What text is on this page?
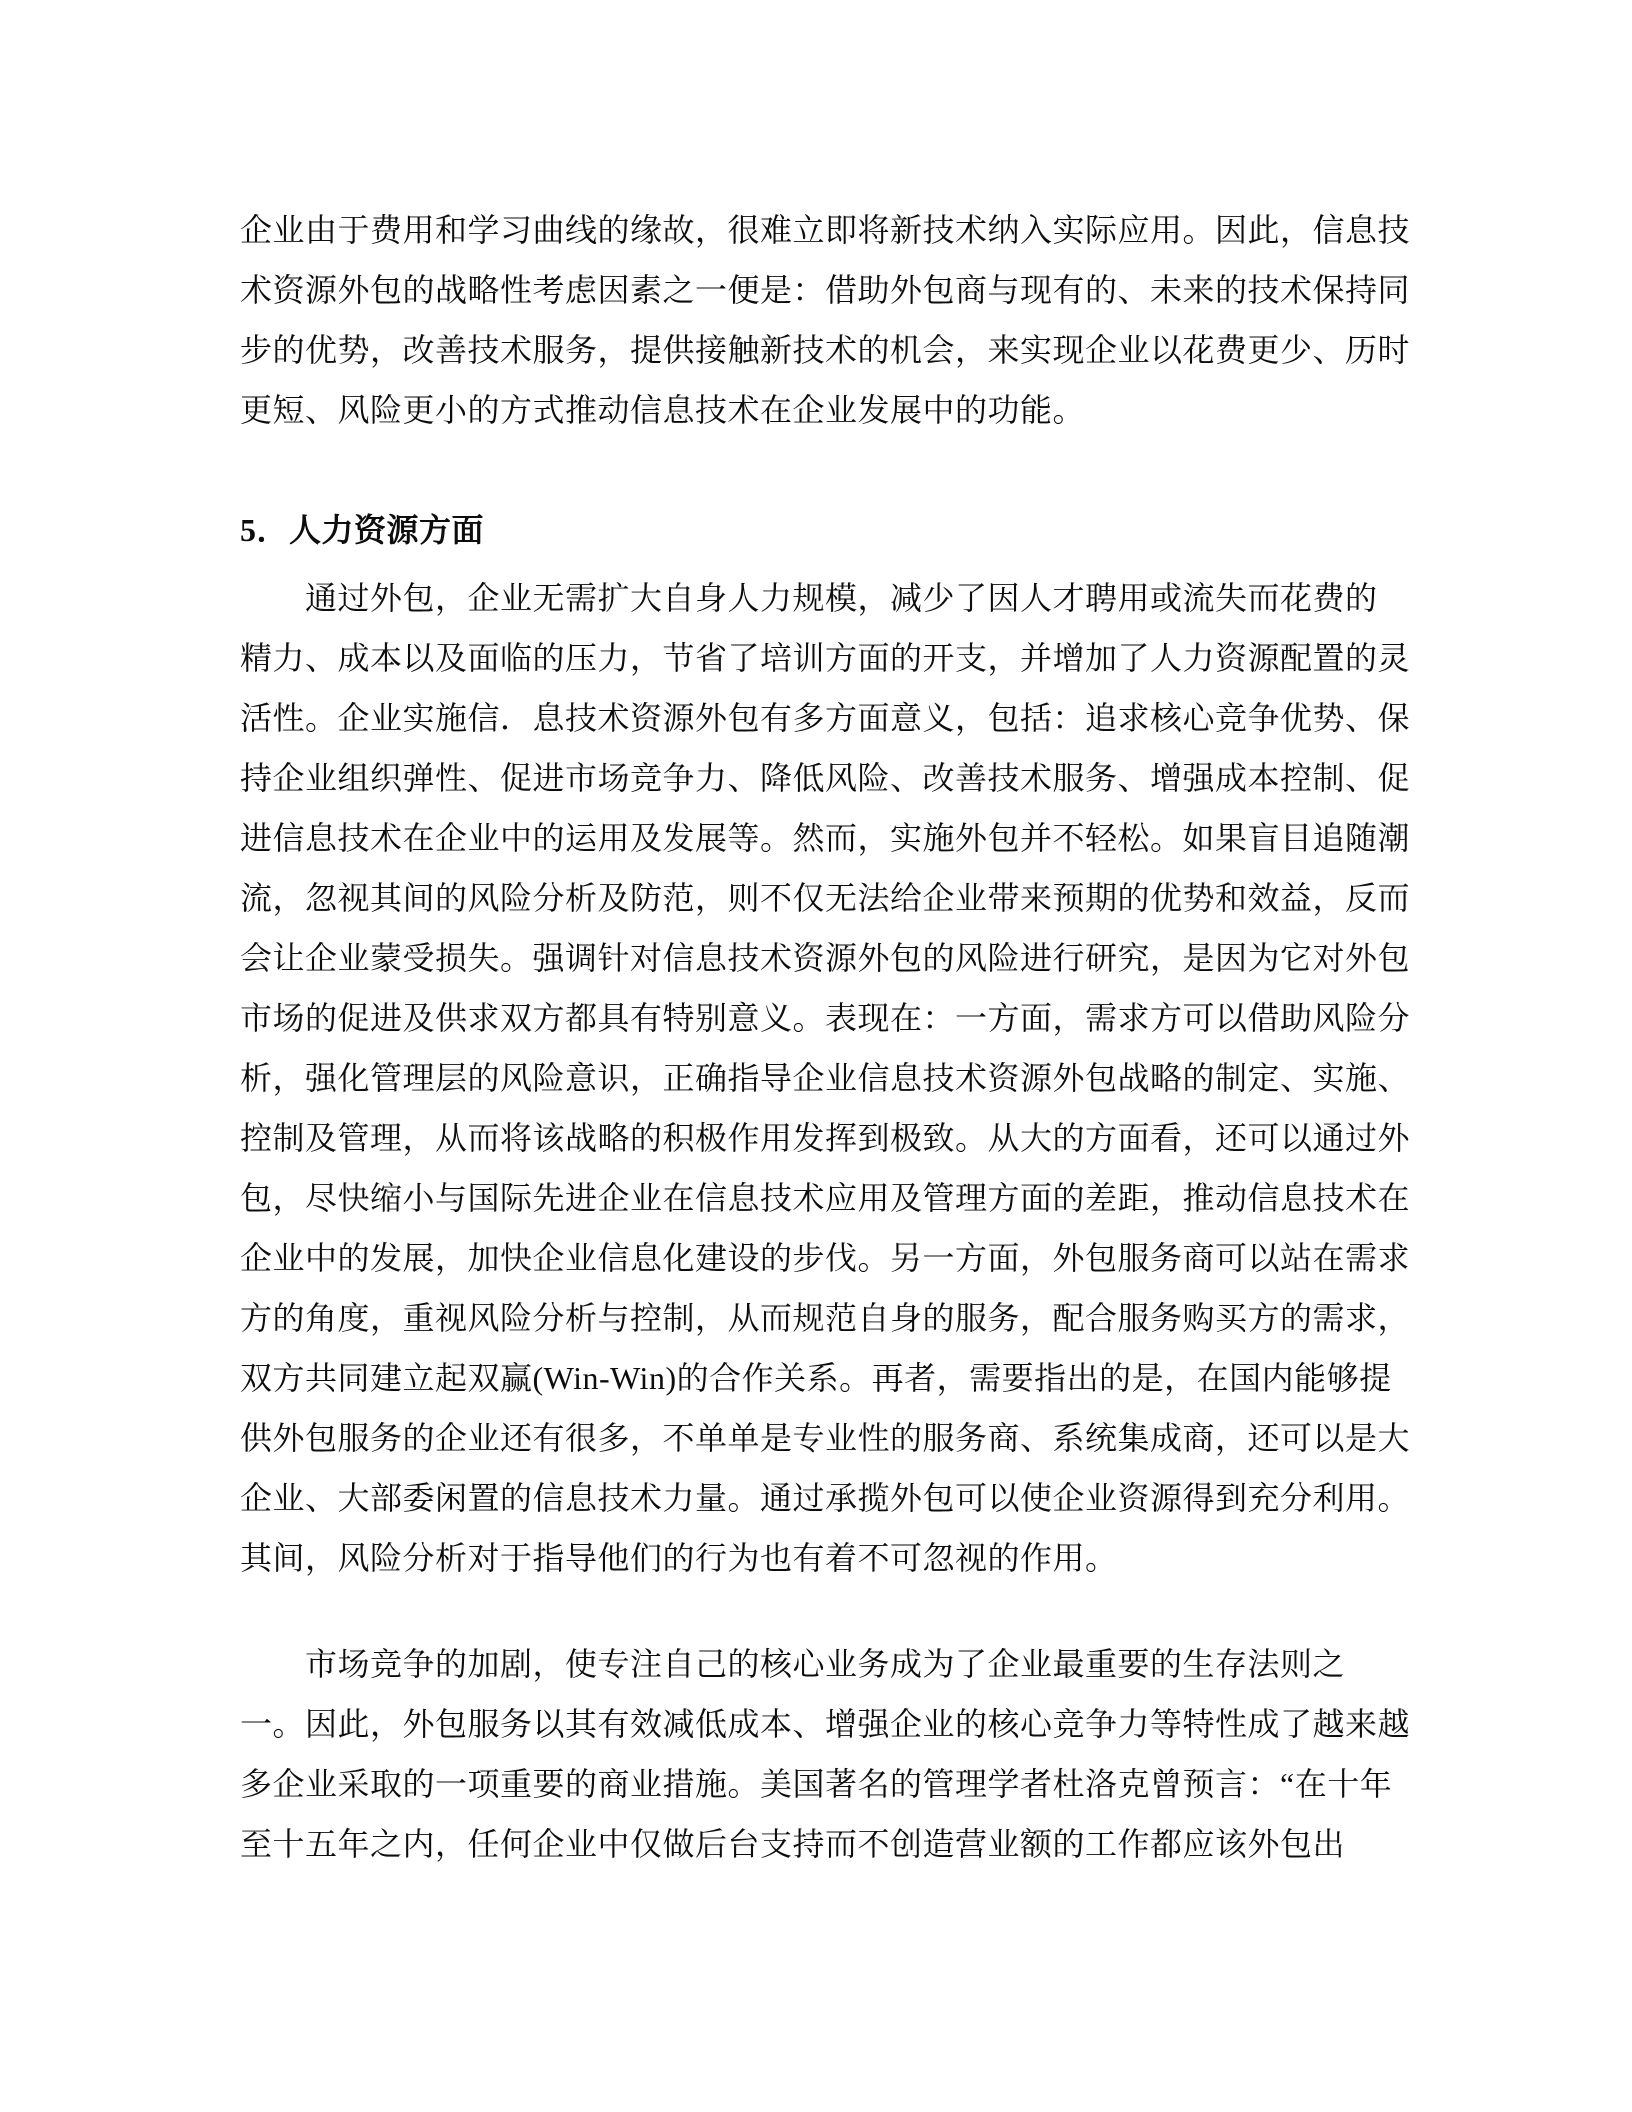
企业由于费用和学习曲线的缘故，很难立即将新技术纳入实际应用。因此，信息技
术资源外包的战略性考虑因素之一便是：借助外包商与现有的、未来的技术保持同
步的优势，改善技术服务，提供接触新技术的机会，来实现企业以花费更少、历时
更短、风险更小的方式推动信息技术在企业发展中的功能。
5．人力资源方面
　　通过外包，企业无需扩大自身人力规模，减少了因人才聘用或流失而花费的
精力、成本以及面临的压力，节省了培训方面的开支，并增加了人力资源配置的灵
活性。企业实施信．息技术资源外包有多方面意义，包括：追求核心竞争优势、保
持企业组织弹性、促进市场竞争力、降低风险、改善技术服务、增强成本控制、促
进信息技术在企业中的运用及发展等。然而，实施外包并不轻松。如果盲目追随潮
流，忽视其间的风险分析及防范，则不仅无法给企业带来预期的优势和效益，反而
会让企业蒙受损失。强调针对信息技术资源外包的风险进行研究，是因为它对外包
市场的促进及供求双方都具有特别意义。表现在：一方面，需求方可以借助风险分
析，强化管理层的风险意识，正确指导企业信息技术资源外包战略的制定、实施、
控制及管理，从而将该战略的积极作用发挥到极致。从大的方面看，还可以通过外
包，尽快缩小与国际先进企业在信息技术应用及管理方面的差距，推动信息技术在
企业中的发展，加快企业信息化建设的步伐。另一方面，外包服务商可以站在需求
方的角度，重视风险分析与控制，从而规范自身的服务，配合服务购买方的需求，
双方共同建立起双赢(Win-Win)的合作关系。再者，需要指出的是，在国内能够提
供外包服务的企业还有很多，不单单是专业性的服务商、系统集成商，还可以是大
企业、大部委闲置的信息技术力量。通过承揽外包可以使企业资源得到充分利用。
其间，风险分析对于指导他们的行为也有着不可忽视的作用。
　　市场竞争的加剧，使专注自己的核心业务成为了企业最重要的生存法则之
一。因此，外包服务以其有效减低成本、增强企业的核心竞争力等特性成了越来越
多企业采取的一项重要的商业措施。美国著名的管理学者杜洛克曾预言：“在十年
至十五年之内，任何企业中仅做后台支持而不创造营业额的工作都应该外包出
